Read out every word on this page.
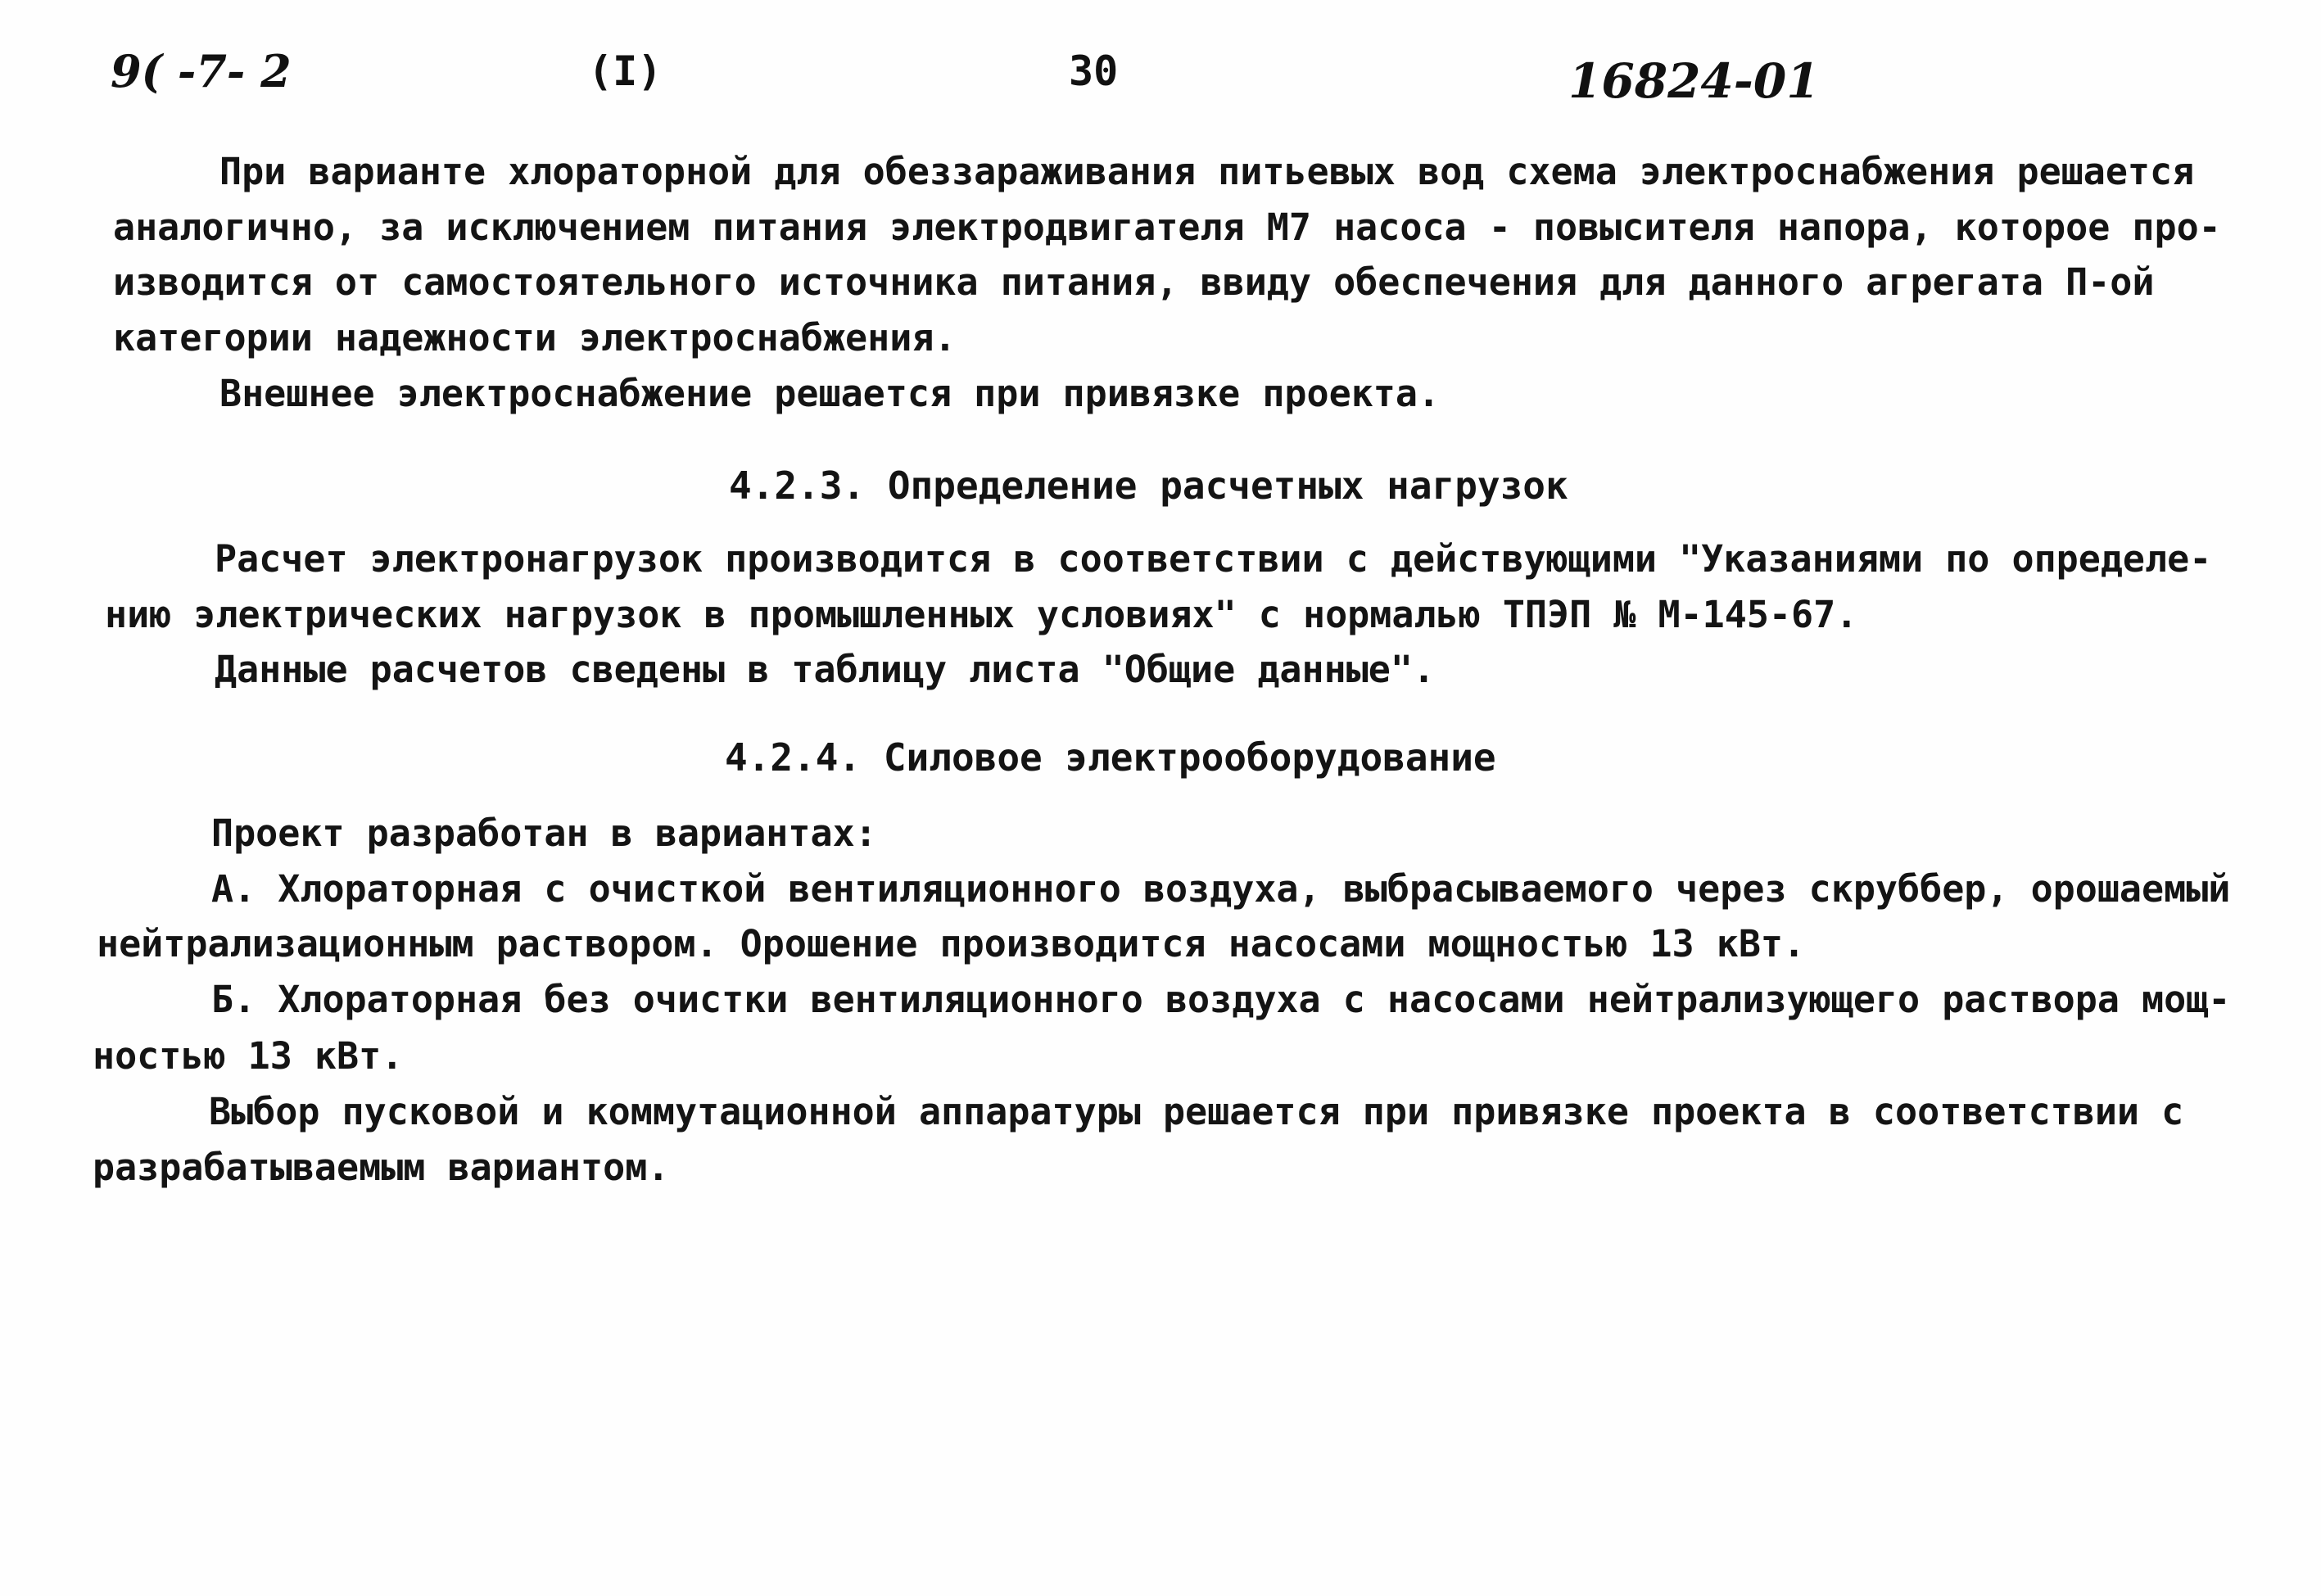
9( -7- 2	(I)	30	16824-01
При варианте хлораторной для обеззараживания питьевых вод схема электроснабжения решается
аналогично, за исключением питания электродвигателя М7 насоса - повысителя напора, которое про-
изводится от самостоятельного источника питания, ввиду обеспечения для данного агрегата П-ой
категории надежности электроснабжения.
Внешнее электроснабжение решается при привязке проекта.
4.2.3. Определение расчетных нагрузок
Расчет электронагрузок производится в соответствии с действующими "Указаниями по определе-
нию электрических нагрузок в промышленных условиях" с нормалью ТПЭП № М-145-67.
Данные расчетов сведены в таблицу листа "Общие данные".
4.2.4. Силовое электрооборудование
Проект разработан в вариантах:
А. Хлораторная с очисткой вентиляционного воздуха, выбрасываемого через скруббер, орошаемый
нейтрализационным раствором. Орошение производится насосами мощностью 13 кВт.
Б. Хлораторная без очистки вентиляционного воздуха с насосами нейтрализующего раствора мощ-
ностью 13 кВт.
Выбор пусковой и коммутационной аппаратуры решается при привязке проекта в соответствии с
разрабатываемым вариантом.
